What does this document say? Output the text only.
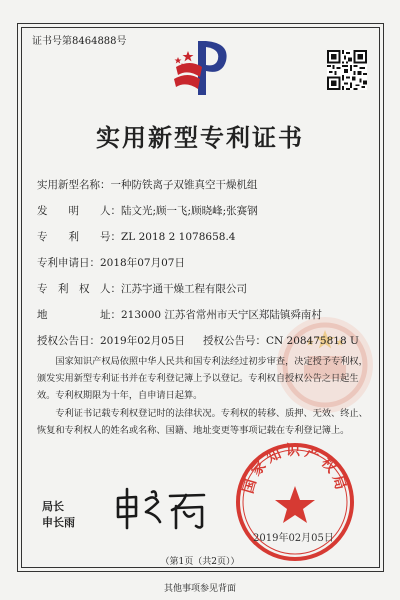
证书号第8464888号
实用新型专利证书
实用新型名称：一种防铁离子双锥真空干燥机组
发　　明　　人：陆文光;顾一飞;顾晓峰;张赛钢
专　　利　　号：ZL 2018 2 1078658.4
专利申请日：2018年07月07日
专　利　权　人：江苏宇通干燥工程有限公司
地　　　　　址：213000 江苏省常州市天宁区郑陆镇舜南村
授权公告日：2019年02月05日 授权公告号：CN 208475818 U
国家知识产权局依照中华人民共和国专利法经过初步审查，决定授予专利权，颁发实用新型专利证书并在专利登记簿上予以登记。专利权自授权公告之日起生效。专利权期限为十年，自申请日起算。
专利证书记载专利权登记时的法律状况。专利权的转移、质押、无效、终止、恢复和专利权人的姓名或名称、国籍、地址变更等事项记载在专利登记簿上。
国家知识产权局
2019年02月05日
局长
申长雨
（第1页（共2页））
其他事项参见背面
